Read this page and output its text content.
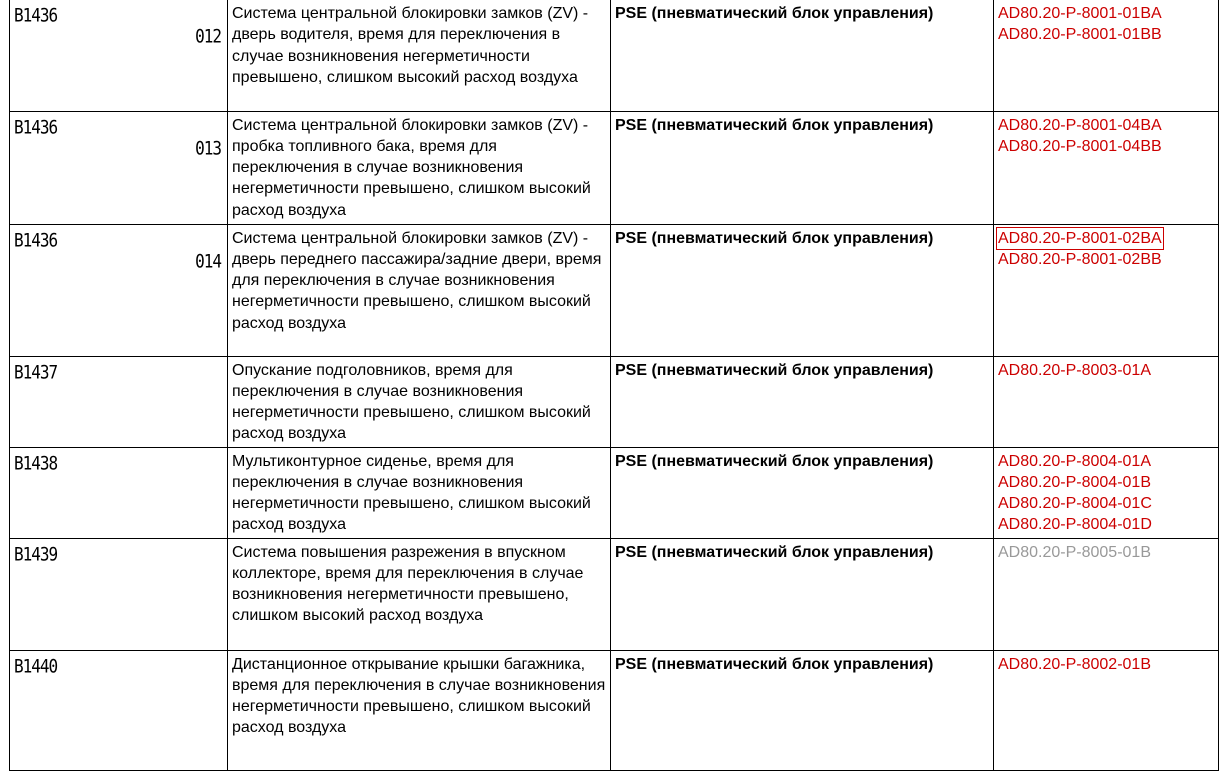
B1436
012	Система центральной блокировки замков (ZV) - дверь водителя, время для переключения в случае возникновения негерметичности превышено, слишком высокий расход воздуха	PSE (пневматический блок управления)	AD80.20-P-8001-01BA
AD80.20-P-8001-01BB

B1436
013	Система центральной блокировки замков (ZV) - пробка топливного бака, время для переключения в случае возникновения негерметичности превышено, слишком высокий расход воздуха	PSE (пневматический блок управления)	AD80.20-P-8001-04BA
AD80.20-P-8001-04BB

B1436
014	Система центральной блокировки замков (ZV) - дверь переднего пассажира/задние двери, время для переключения в случае возникновения негерметичности превышено, слишком высокий расход воздуха	PSE (пневматический блок управления)	AD80.20-P-8001-02BA
AD80.20-P-8001-02BB

B1437	Опускание подголовников, время для переключения в случае возникновения негерметичности превышено, слишком высокий расход воздуха	PSE (пневматический блок управления)	AD80.20-P-8003-01A

B1438	Мультиконтурное сиденье, время для переключения в случае возникновения негерметичности превышено, слишком высокий расход воздуха	PSE (пневматический блок управления)	AD80.20-P-8004-01A
AD80.20-P-8004-01B
AD80.20-P-8004-01C
AD80.20-P-8004-01D

B1439	Система повышения разрежения в впускном коллекторе, время для переключения в случае возникновения негерметичности превышено, слишком высокий расход воздуха	PSE (пневматический блок управления)	AD80.20-P-8005-01B

B1440	Дистанционное открывание крышки багажника, время для переключения в случае возникновения негерметичности превышено, слишком высокий расход воздуха	PSE (пневматический блок управления)	AD80.20-P-8002-01B
